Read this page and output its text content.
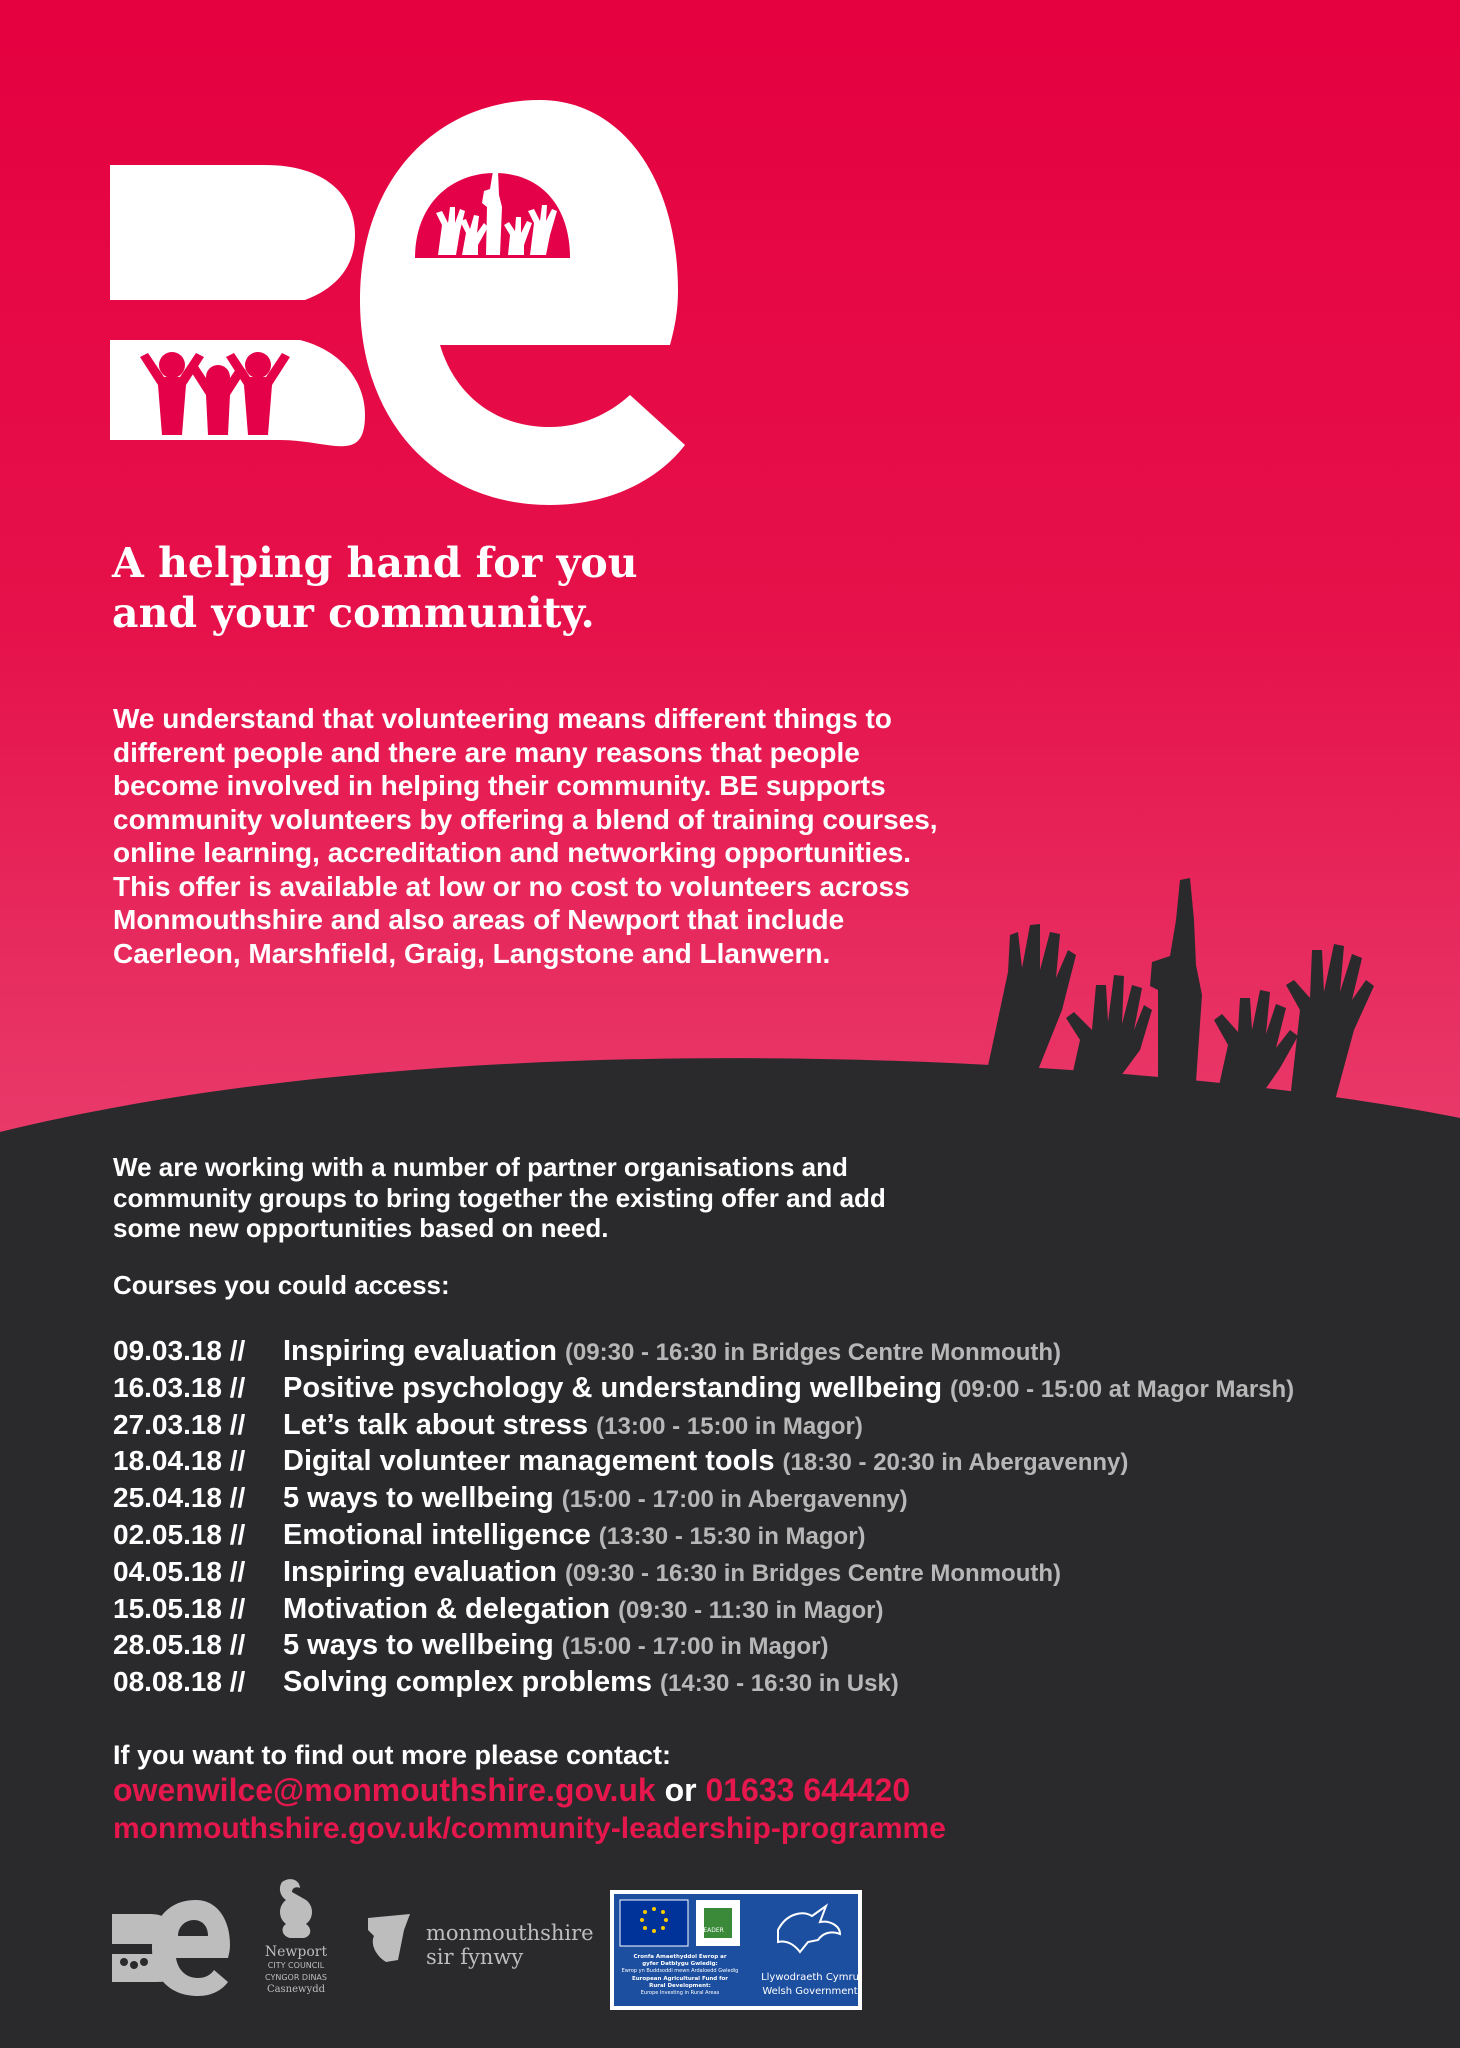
A helping hand for you
and your community.

We understand that volunteering means different things to different people and there are many reasons that people become involved in helping their community. BE supports community volunteers by offering a blend of training courses, online learning, accreditation and networking opportunities. This offer is available at low or no cost to volunteers across Monmouthshire and also areas of Newport that include Caerleon, Marshfield, Graig, Langstone and Llanwern.

We are working with a number of partner organisations and community groups to bring together the existing offer and add some new opportunities based on need.

Courses you could access:

09.03.18 // Inspiring evaluation (09:30 - 16:30 in Bridges Centre Monmouth)
16.03.18 // Positive psychology & understanding wellbeing (09:00 - 15:00 at Magor Marsh)
27.03.18 // Let’s talk about stress (13:00 - 15:00 in Magor)
18.04.18 // Digital volunteer management tools (18:30 - 20:30 in Abergavenny)
25.04.18 // 5 ways to wellbeing (15:00 - 17:00 in Abergavenny)
02.05.18 // Emotional intelligence (13:30 - 15:30 in Magor)
04.05.18 // Inspiring evaluation (09:30 - 16:30 in Bridges Centre Monmouth)
15.05.18 // Motivation & delegation (09:30 - 11:30 in Magor)
28.05.18 // 5 ways to wellbeing (15:00 - 17:00 in Magor)
08.08.18 // Solving complex problems (14:30 - 16:30 in Usk)

If you want to find out more please contact:

owenwilce@monmouthshire.gov.uk or 01633 644420

monmouthshire.gov.uk/community-leadership-programme
Newport
CITY COUNCIL
CYNGOR DINAS
Casnewydd
monmouthshire
sir fynwy
LEADER
Cronfa Amaethyddol Ewrop ar
gyfer Datblygu Gwledig:
Ewrop yn Buddsoddi mewn Ardaloedd Gwledig
European Agricultural Fund for
Rural Development:
Europe Investing in Rural Areas
Llywodraeth Cymru
Welsh Government
